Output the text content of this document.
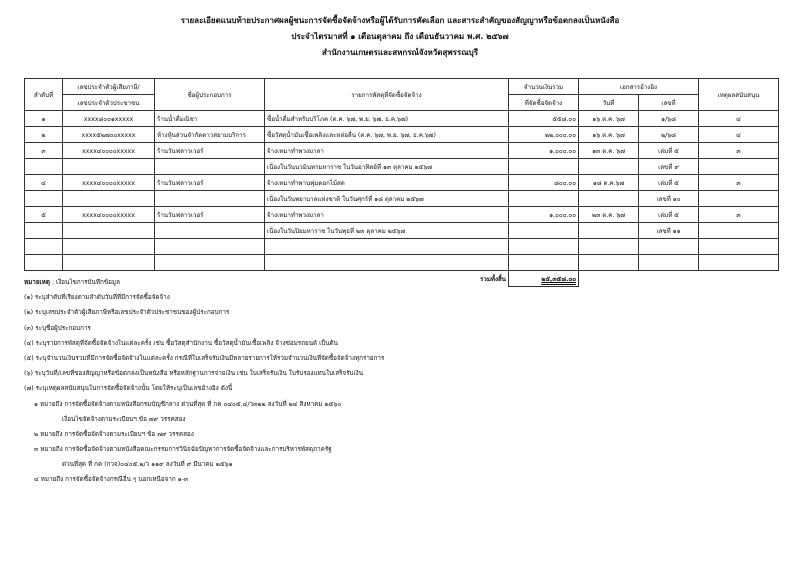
รายละเอียดแนบท้ายประกาศผลผู้ชนะการจัดซื้อจัดจ้างหรือผู้ได้รับการคัดเลือก และสาระสำคัญของสัญญาหรือข้อตกลงเป็นหนังสือ
ประจำไตรมาสที่ ๑ เดือนตุลาคม ถึง เดือนธันวาคม พ.ศ. ๒๕๖๗
สำนักงานเกษตรและสหกรณ์จังหวัดสุพรรณบุรี
ลำดับที่	เลขประจำตัวผู้เสียภาษี/	ชื่อผู้ประกอบการ	รายการพัสดุที่จัดซื้อจัดจ้าง	จำนวนเงินรวม	เอกสารอ้างอิง		เหตุผลสนับสนุน
	เลขประจำตัวประชาชน			ที่จัดซื้อจัดจ้าง	วันที่	เลขที่	
๑	xxxx๘๐๐๑xxxxx	ร้านน้ำดื่มณิชา	ซื้อน้ำดื่มสำหรับบริโภค (ต.ค. ๖๗, พ.ย. ๖๗, ธ.ค.๖๗)	๕๕๘.๐๐	๑๖ ต.ค. ๖๗	๑/๖๘	๔
๒	xxxx๕๒๗๐๐xxxxx	ห้างหุ้นส่วนจำกัดดาวสยามบริการ	ซื้อวัสดุน้ำมันเชื้อเพลิงและหล่อลื่น (ต.ค. ๖๗, พ.ย. ๖๗, ธ.ค.๖๗)	๒๒,๐๐๐.๐๐	๑๖ ต.ค. ๖๗	๒/๖๘	๔
๓	xxxx๔๐๐๐๐xxxxx	ร้านวันฟลาวเวอร์	จ้างเหมาทำพวงมาลา	๑,๐๐๐.๐๐	๑๓ ต.ค. ๖๗	เล่มที่ ๕	๓
			เนื่องในวันนวมินทรมหาราช ในวันอาทิตย์ที่ ๑๓ ตุลาคม ๒๕๖๗			เลขที่ ๙	
๔	xxxx๔๐๐๐๐xxxxx	ร้านวันฟลาวเวอร์	จ้างเหมาทำพานพุ่มดอกไม้สด	๘๐๐.๐๐	๑๘ ต.ค.๖๗	เล่มที่ ๕	๓
			เนื่องในวันพยาบาลแห่งชาติ ในวันศุกร์ที่ ๑๘ ตุลาคม ๒๕๖๗			เลขที่ ๑๐	
๕	xxxx๔๐๐๐๐xxxxx	ร้านวันฟลาวเวอร์	จ้างเหมาทำพวงมาลา	๑,๐๐๐.๐๐	๒๓ ต.ค. ๖๗	เล่มที่ ๕	๓
			เนื่องในวันปิยมหาราช ในวันพุธที่ ๒๓ ตุลาคม ๒๕๖๗			เลขที่ ๑๑	

			รวมทั้งสิ้น	๒๕,๓๕๘.๐๐			
หมายเหตุ : เงื่อนไขการบันทึกข้อมูล
(๑) ระบุลำดับที่เรียงตามลำดับวันที่ที่มีการจัดซื้อจัดจ้าง
(๒) ระบุเลขประจำตัวผู้เสียภาษีหรือเลขประจำตัวประชาชนของผู้ประกอบการ
(๓) ระบุชื่อผู้ประกอบการ
(๔) ระบุรายการพัสดุที่จัดซื้อจัดจ้างในแต่ละครั้ง เช่น ซื้อวัสดุสำนักงาน ซื้อวัสดุน้ำมันเชื้อเพลิง จ้างซ่อมรถยนต์ เป็นต้น
(๕) ระบุจำนวนเงินรวมที่มีการจัดซื้อจัดจ้างในแต่ละครั้ง กรณีที่ใบเสร็จรับเงินมีหลายรายการให้รวมจำนวนเงินที่จัดซื้อจัดจ้างทุกรายการ
(๖) ระบุวันที่/เลขที่ของสัญญาหรือข้อตกลงเป็นหนังสือ หรือหลักฐานการจ่ายเงิน เช่น ใบเสร็จรับเงิน ใบรับรองแทนใบเสร็จรับเงิน
(๗) ระบุเหตุผลสนับสนุนในการจัดซื้อจัดจ้างนั้น โดยให้ระบุเป็นเลขอ้างอิง ดังนี้
๑ หมายถึง การจัดซื้อจัดจ้างตามหนังสือกรมบัญชีกลาง ด่วนที่สุด ที่ กค ๐๔๐๕.๔/ว๓๒๒ ลงวันที่ ๒๔ สิงหาคม ๒๕๖๐
เงื่อนไขจัดจ้างตามระเบียบฯ ข้อ ๗๙ วรรคสอง
๒ หมายถึง การจัดซื้อจัดจ้างตามระเบียบฯ ข้อ ๗๙ วรรคสอง
๓ หมายถึง การจัดซื้อจัดจ้างตามหนังสือคณะกรรมการวินิจฉัยปัญหาการจัดซื้อจัดจ้างและการบริหารพัสดุภาครัฐ
ด่วนที่สุด ที่ กค (กวจ)๐๔๐๕.๒/ว ๑๑๙ ลงวันที่ ๙ มีนาคม ๒๕๖๑
๔ หมายถึง การจัดซื้อจัดจ้างกรณีอื่น ๆ นอกเหนือจาก ๑-๓
